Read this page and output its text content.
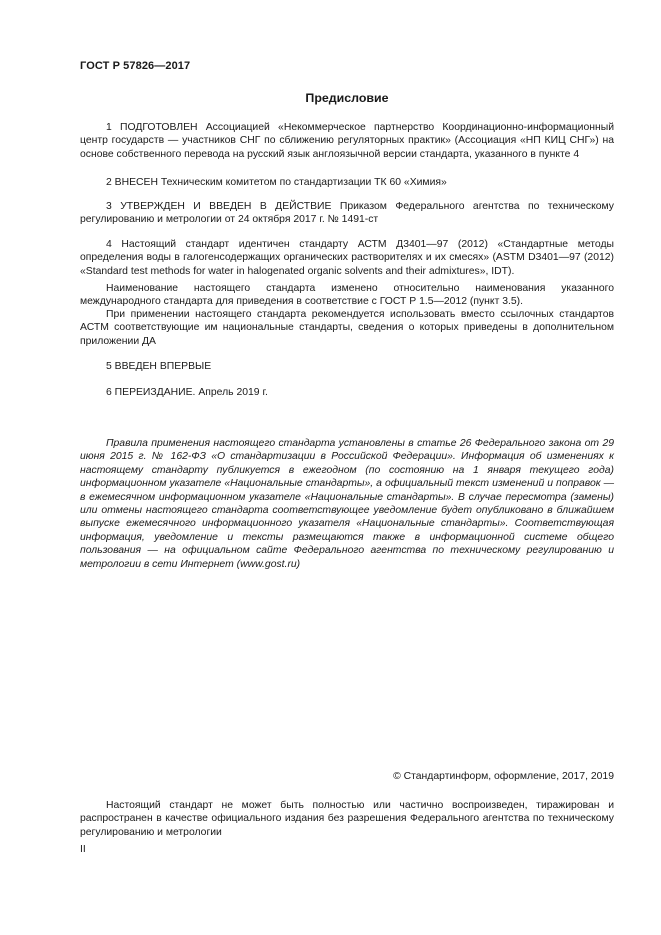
ГОСТ Р 57826—2017
Предисловие

1 ПОДГОТОВЛЕН Ассоциацией «Некоммерческое партнерство Координационно-информационный центр государств — участников СНГ по сближению регуляторных практик» (Ассоциация «НП КИЦ СНГ») на основе собственного перевода на русский язык англоязычной версии стандарта, указанного в пункте 4

2 ВНЕСЕН Техническим комитетом по стандартизации ТК 60 «Химия»

3 УТВЕРЖДЕН И ВВЕДЕН В ДЕЙСТВИЕ Приказом Федерального агентства по техническому регулированию и метрологии от 24 октября 2017 г. № 1491-ст

4 Настоящий стандарт идентичен стандарту АСТМ Д3401—97 (2012) «Стандартные методы определения воды в галогенсодержащих органических растворителях и их смесях» (ASTM D3401—97 (2012) «Standard test methods for water in halogenated organic solvents and their admixtures», IDT).

Наименование настоящего стандарта изменено относительно наименования указанного международного стандарта для приведения в соответствие с ГОСТ Р 1.5—2012 (пункт 3.5).

При применении настоящего стандарта рекомендуется использовать вместо ссылочных стандартов АСТМ соответствующие им национальные стандарты, сведения о которых приведены в дополнительном приложении ДА

5 ВВЕДЕН ВПЕРВЫЕ

6 ПЕРЕИЗДАНИЕ. Апрель 2019 г.

Правила применения настоящего стандарта установлены в статье 26 Федерального закона от 29 июня 2015 г. № 162-ФЗ «О стандартизации в Российской Федерации». Информация об изменениях к настоящему стандарту публикуется в ежегодном (по состоянию на 1 января текущего года) информационном указателе «Национальные стандарты», а официальный текст изменений и поправок — в ежемесячном информационном указателе «Национальные стандарты». В случае пересмотра (замены) или отмены настоящего стандарта соответствующее уведомление будет опубликовано в ближайшем выпуске ежемесячного информационного указателя «Национальные стандарты». Соответствующая информация, уведомление и тексты размещаются также в информационной системе общего пользования — на официальном сайте Федерального агентства по техническому регулированию и метрологии в сети Интернет (www.gost.ru)

© Стандартинформ, оформление, 2017, 2019

Настоящий стандарт не может быть полностью или частично воспроизведен, тиражирован и распространен в качестве официального издания без разрешения Федерального агентства по техническому регулированию и метрологии

II
